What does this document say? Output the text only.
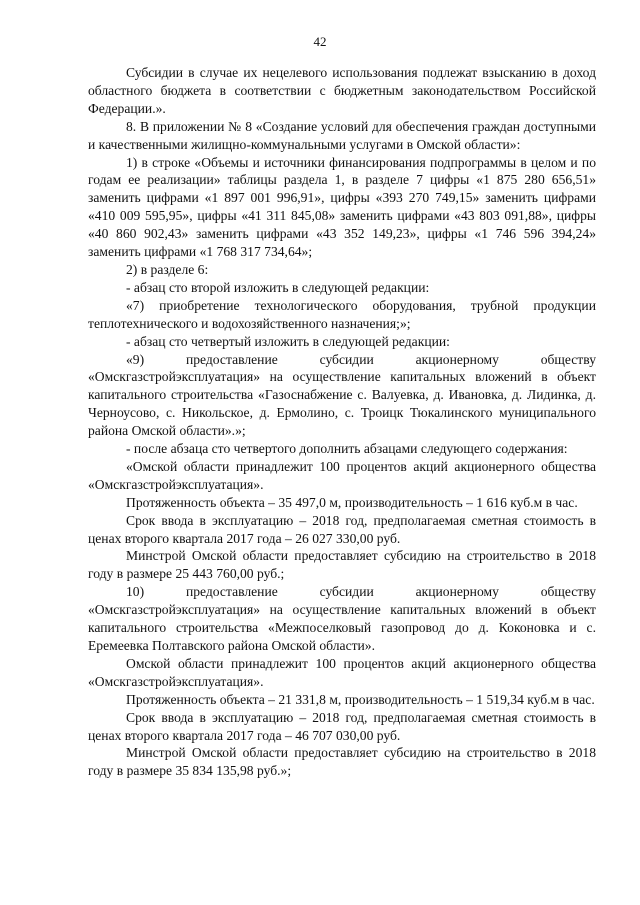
42

Субсидии в случае их нецелевого использования подлежат взысканию в доход областного бюджета в соответствии с бюджетным законодательством Российской Федерации.».

8. В приложении № 8 «Создание условий для обеспечения граждан доступными и качественными жилищно-коммунальными услугами в Омской области»:

1) в строке «Объемы и источники финансирования подпрограммы в целом и по годам ее реализации» таблицы раздела 1, в разделе 7 цифры «1 875 280 656,51» заменить цифрами «1 897 001 996,91», цифры «393 270 749,15» заменить цифрами «410 009 595,95», цифры «41 311 845,08» заменить цифрами «43 803 091,88», цифры «40 860 902,43» заменить цифрами «43 352 149,23», цифры «1 746 596 394,24» заменить цифрами «1 768 317 734,64»;

2) в разделе 6:

- абзац сто второй изложить в следующей редакции:

«7) приобретение технологического оборудования, трубной продукции теплотехнического и водохозяйственного назначения;»;

- абзац сто четвертый изложить в следующей редакции:

«9) предоставление субсидии акционерному обществу «Омскгазстройэксплуатация» на осуществление капитальных вложений в объект капитального строительства «Газоснабжение с. Валуевка, д. Ивановка, д. Лидинка, д. Черноусово, с. Никольское, д. Ермолино, с. Троицк Тюкалинского муниципального района Омской области».»;

- после абзаца сто четвертого дополнить абзацами следующего содержания:

«Омской области принадлежит 100 процентов акций акционерного общества «Омскгазстройэксплуатация».

Протяженность объекта – 35 497,0 м, производительность – 1 616 куб.м в час.

Срок ввода в эксплуатацию – 2018 год, предполагаемая сметная стоимость в ценах второго квартала 2017 года – 26 027 330,00 руб.

Минстрой Омской области предоставляет субсидию на строительство в 2018 году в размере 25 443 760,00 руб.;

10) предоставление субсидии акционерному обществу «Омскгазстройэксплуатация» на осуществление капитальных вложений в объект капитального строительства «Межпоселковый газопровод до д. Коконовка и с. Еремеевка Полтавского района Омской области».

Омской области принадлежит 100 процентов акций акционерного общества «Омскгазстройэксплуатация».

Протяженность объекта – 21 331,8 м, производительность – 1 519,34 куб.м в час.

Срок ввода в эксплуатацию – 2018 год, предполагаемая сметная стоимость в ценах второго квартала 2017 года – 46 707 030,00 руб.

Минстрой Омской области предоставляет субсидию на строительство в 2018 году в размере 35 834 135,98 руб.»;
